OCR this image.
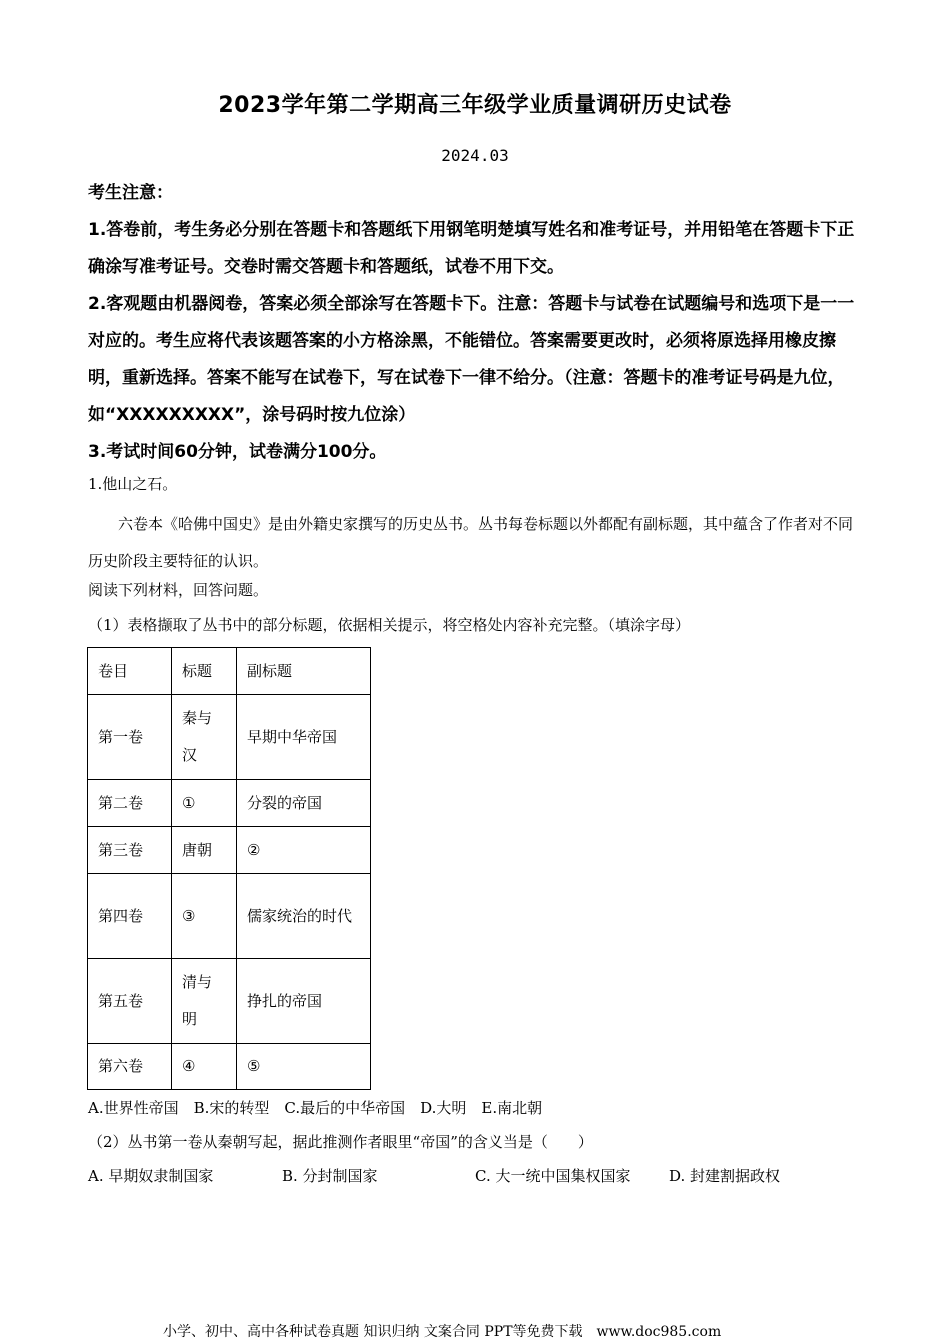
2023学年第二学期高三年级学业质量调研历史试卷
2024.03

考生注意：

1.答卷前，考生务必分别在答题卡和答题纸下用钢笔明楚填写姓名和准考证号，并用铅笔在答题卡下正确涂写准考证号。交卷时需交答题卡和答题纸，试卷不用下交。

2.客观题由机器阅卷，答案必须全部涂写在答题卡下。注意：答题卡与试卷在试题编号和选项下是一一对应的。考生应将代表该题答案的小方格涂黑，不能错位。答案需要更改时，必须将原选择用橡皮擦明，重新选择。答案不能写在试卷下，写在试卷下一律不给分。（注意：答题卡的准考证号码是九位，如“XXXXXXXXX”，涂号码时按九位涂）

3.考试时间60分钟，试卷满分100分。

1.他山之石。

六卷本《哈佛中国史》是由外籍史家撰写的历史丛书。丛书每卷标题以外都配有副标题，其中蕴含了作者对不同历史阶段主要特征的认识。

阅读下列材料，回答问题。

（1）表格撷取了丛书中的部分标题，依据相关提示，将空格处内容补充完整。（填涂字母）

卷目	标题	副标题
第一卷	秦与汉	早期中华帝国
第二卷	①	分裂的帝国
第三卷	唐朝	②
第四卷	③	儒家统治的时代
第五卷	清与明	挣扎的帝国
第六卷	④	⑤

A.世界性帝国　B.宋的转型　C.最后的中华帝国　D.大明　E.南北朝

（2）丛书第一卷从秦朝写起，据此推测作者眼里“帝国”的含义当是（　　）

A. 早期奴隶制国家	B. 分封制国家	C. 大一统中国集权国家	D. 封建割据政权

小学、初中、高中各种试卷真题 知识归纳 文案合同 PPT等免费下载　www.doc985.com
